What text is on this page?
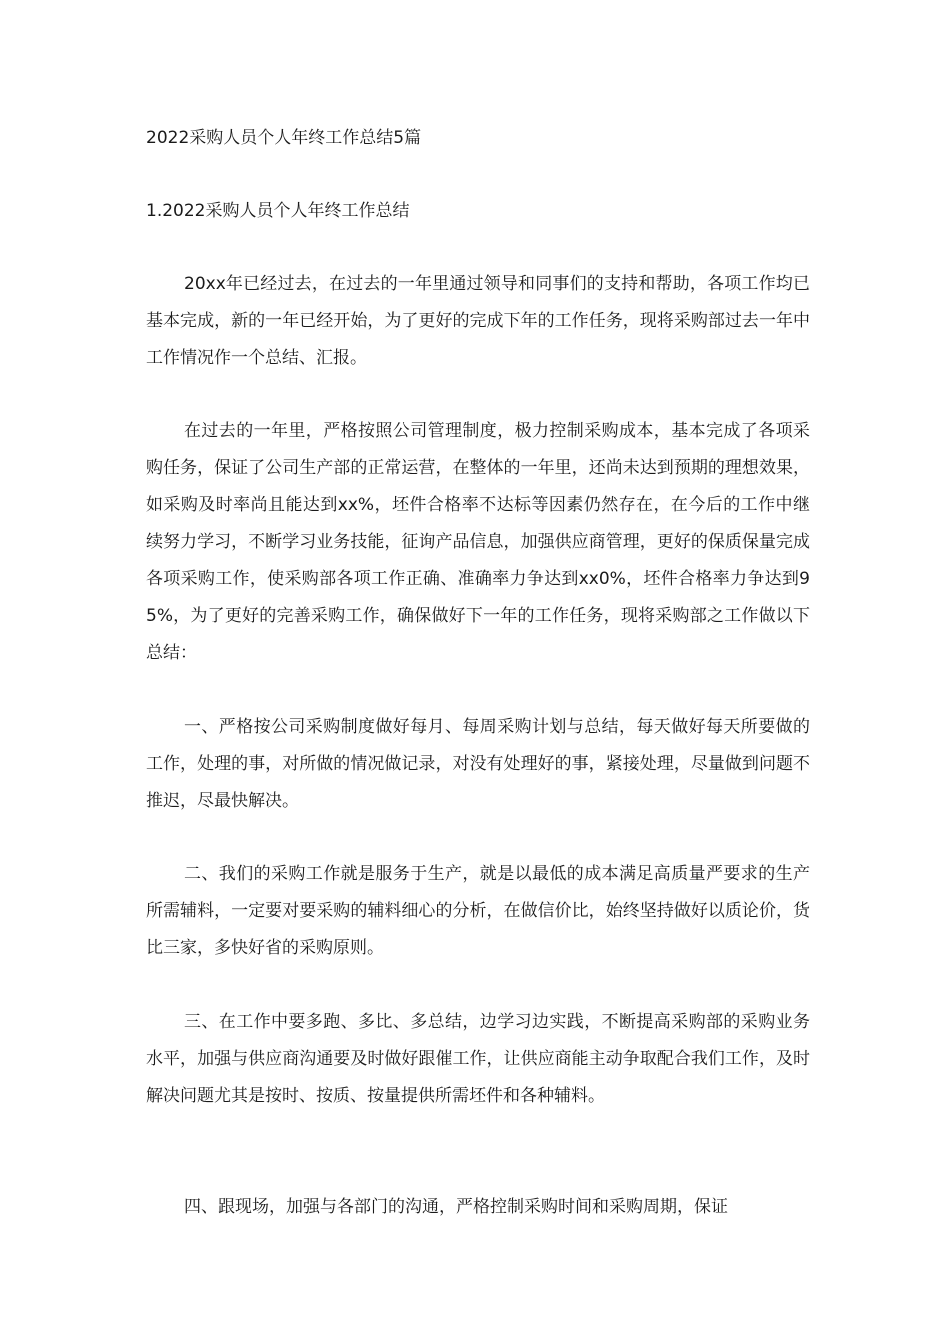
2022采购人员个人年终工作总结5篇
1.2022采购人员个人年终工作总结

20xx年已经过去，在过去的一年里通过领导和同事们的支持和帮助，各项工作均已基本完成，新的一年已经开始，为了更好的完成下年的工作任务，现将采购部过去一年中工作情况作一个总结、汇报。

在过去的一年里，严格按照公司管理制度，极力控制采购成本，基本完成了各项采购任务，保证了公司生产部的正常运营，在整体的一年里，还尚未达到预期的理想效果，如采购及时率尚且能达到xx%，坯件合格率不达标等因素仍然存在，在今后的工作中继续努力学习，不断学习业务技能，征询产品信息，加强供应商管理，更好的保质保量完成各项采购工作，使采购部各项工作正确、准确率力争达到xx0%，坯件合格率力争达到95%，为了更好的完善采购工作，确保做好下一年的工作任务，现将采购部之工作做以下总结：

一、严格按公司采购制度做好每月、每周采购计划与总结，每天做好每天所要做的工作，处理的事，对所做的情况做记录，对没有处理好的事，紧接处理，尽量做到问题不推迟，尽最快解决。

二、我们的采购工作就是服务于生产，就是以最低的成本满足高质量严要求的生产所需辅料，一定要对要采购的辅料细心的分析，在做信价比，始终坚持做好以质论价，货比三家，多快好省的采购原则。

三、在工作中要多跑、多比、多总结，边学习边实践，不断提高采购部的采购业务水平，加强与供应商沟通要及时做好跟催工作，让供应商能主动争取配合我们工作，及时解决问题尤其是按时、按质、按量提供所需坯件和各种辅料。

四、跟现场，加强与各部门的沟通，严格控制采购时间和采购周期，保证
